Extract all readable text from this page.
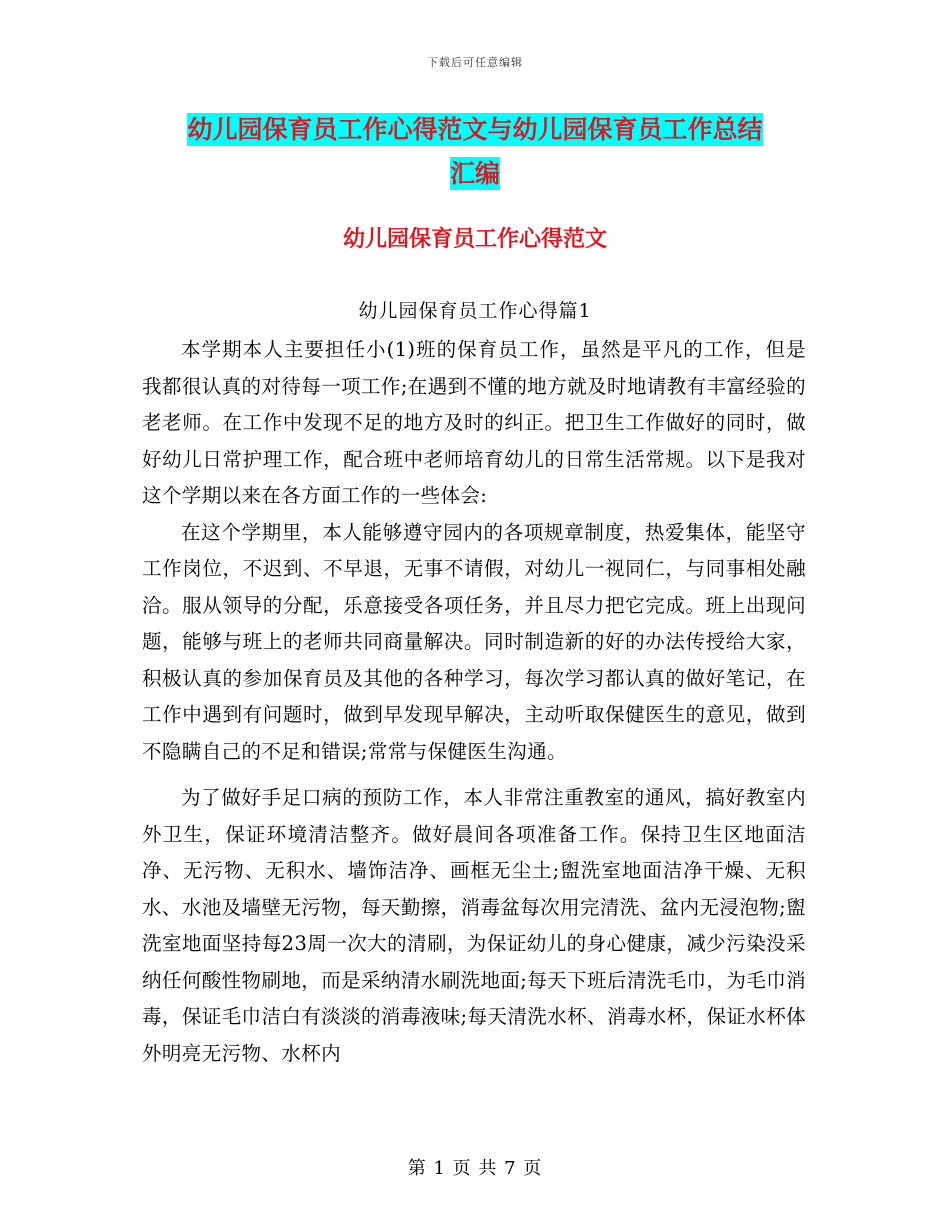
下载后可任意编辑
幼儿园保育员工作心得范文与幼儿园保育员工作总结
汇编
幼儿园保育员工作心得范文
幼儿园保育员工作心得篇1

本学期本人主要担任小(1)班的保育员工作，虽然是平凡的工作，但是我都很认真的对待每一项工作;在遇到不懂的地方就及时地请教有丰富经验的老老师。在工作中发现不足的地方及时的纠正。把卫生工作做好的同时，做好幼儿日常护理工作，配合班中老师培育幼儿的日常生活常规。以下是我对这个学期以来在各方面工作的一些体会:

在这个学期里，本人能够遵守园内的各项规章制度，热爱集体，能坚守工作岗位，不迟到、不早退，无事不请假，对幼儿一视同仁，与同事相处融洽。服从领导的分配，乐意接受各项任务，并且尽力把它完成。班上出现问题，能够与班上的老师共同商量解决。同时制造新的好的办法传授给大家，积极认真的参加保育员及其他的各种学习，每次学习都认真的做好笔记，在工作中遇到有问题时，做到早发现早解决，主动听取保健医生的意见，做到不隐瞒自己的不足和错误;常常与保健医生沟通。

为了做好手足口病的预防工作，本人非常注重教室的通风，搞好教室内外卫生，保证环境清洁整齐。做好晨间各项准备工作。保持卫生区地面洁净、无污物、无积水、墙饰洁净、画框无尘土;盥洗室地面洁净干燥、无积水、水池及墙壁无污物，每天勤擦，消毒盆每次用完清洗、盆内无浸泡物;盥洗室地面坚持每23周一次大的清刷，为保证幼儿的身心健康，减少污染没采纳任何酸性物刷地，而是采纳清水刷洗地面;每天下班后清洗毛巾，为毛巾消毒，保证毛巾洁白有淡淡的消毒液味;每天清洗水杯、消毒水杯，保证水杯体外明亮无污物、水杯内

第 1 页 共 7 页
